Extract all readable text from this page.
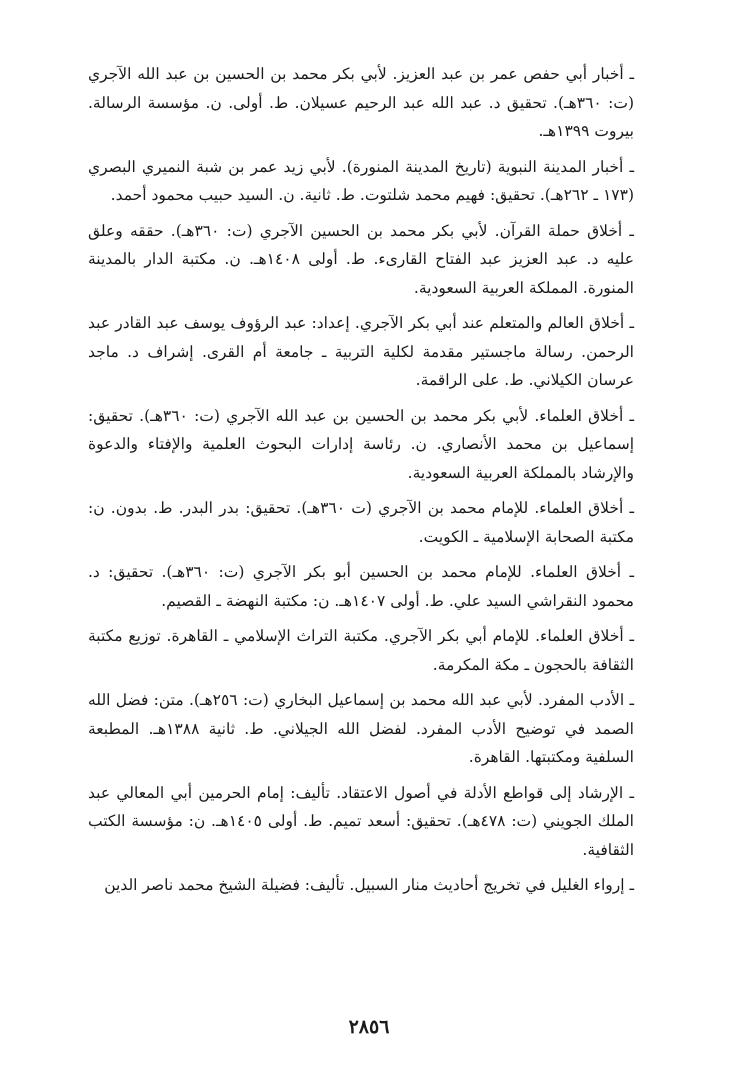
ـ أخبار أبي حفص عمر بن عبد العزيز. لأبي بكر محمد بن الحسين بن عبد الله الآجري (ت: ٣٦٠هـ). تحقيق د. عبد الله عبد الرحيم عسيلان. ط. أولى. ن. مؤسسة الرسالة. بيروت ١٣٩٩هـ.

ـ أخبار المدينة النبوية (تاريخ المدينة المنورة). لأبي زيد عمر بن شبة النميري البصري (١٧٣ ـ ٢٦٢هـ). تحقيق: فهيم محمد شلتوت. ط. ثانية. ن. السيد حبيب محمود أحمد.

ـ أخلاق حملة القرآن. لأبي بكر محمد بن الحسين الآجري (ت: ٣٦٠هـ). حققه وعلق عليه د. عبد العزيز عبد الفتاح القارىء. ط. أولى ١٤٠٨هـ. ن. مكتبة الدار بالمدينة المنورة. المملكة العربية السعودية.

ـ أخلاق العالم والمتعلم عند أبي بكر الآجري. إعداد: عبد الرؤوف يوسف عبد القادر عبد الرحمن. رسالة ماجستير مقدمة لكلية التربية ـ جامعة أم القرى. إشراف د. ماجد عرسان الكيلاني. ط. على الراقمة.

ـ أخلاق العلماء. لأبي بكر محمد بن الحسين بن عبد الله الآجري (ت: ٣٦٠هـ). تحقيق: إسماعيل بن محمد الأنصاري. ن. رئاسة إدارات البحوث العلمية والإفتاء والدعوة والإرشاد بالمملكة العربية السعودية.

ـ أخلاق العلماء. للإمام محمد بن الآجري (ت ٣٦٠هـ). تحقيق: بدر البدر. ط. بدون. ن: مكتبة الصحابة الإسلامية ـ الكويت.

ـ أخلاق العلماء. للإمام محمد بن الحسين أبو بكر الآجري (ت: ٣٦٠هـ). تحقيق: د. محمود النقراشي السيد علي. ط. أولى ١٤٠٧هـ. ن: مكتبة النهضة ـ القصيم.

ـ أخلاق العلماء. للإمام أبي بكر الآجري. مكتبة التراث الإسلامي ـ القاهرة. توزيع مكتبة الثقافة بالحجون ـ مكة المكرمة.

ـ الأدب المفرد. لأبي عبد الله محمد بن إسماعيل البخاري (ت: ٢٥٦هـ). متن: فضل الله الصمد في توضيح الأدب المفرد. لفضل الله الجيلاني. ط. ثانية ١٣٨٨هـ. المطبعة السلفية ومكتبتها. القاهرة.

ـ الإرشاد إلى قواطع الأدلة في أصول الاعتقاد. تأليف: إمام الحرمين أبي المعالي عبد الملك الجويني (ت: ٤٧٨هـ). تحقيق: أسعد تميم. ط. أولى ١٤٠٥هـ. ن: مؤسسة الكتب الثقافية.

ـ إرواء الغليل في تخريج أحاديث منار السبيل. تأليف: فضيلة الشيخ محمد ناصر الدين

٢٨٥٦
